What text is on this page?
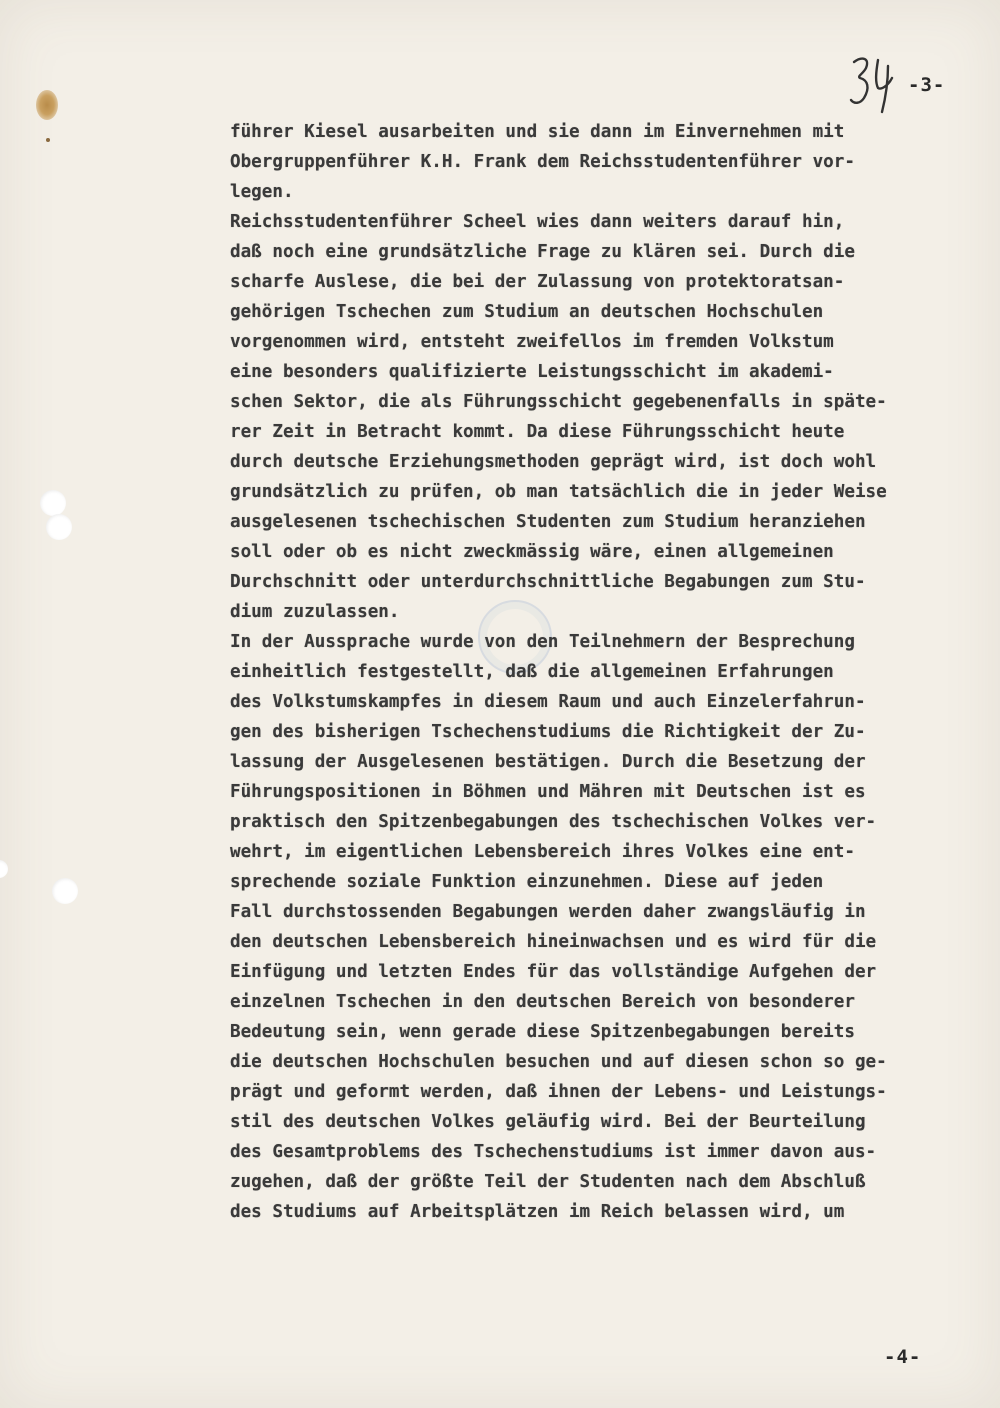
-3-
führer Kiesel ausarbeiten und sie dann im Einvernehmen mit
Obergruppenführer K.H. Frank dem Reichsstudentenführer vor-
legen.
Reichsstudentenführer Scheel wies dann weiters darauf hin,
daß noch eine grundsätzliche Frage zu klären sei. Durch die
scharfe Auslese, die bei der Zulassung von protektoratsan-
gehörigen Tschechen zum Studium an deutschen Hochschulen
vorgenommen wird, entsteht zweifellos im fremden Volkstum
eine besonders qualifizierte Leistungsschicht im akademi-
schen Sektor, die als Führungsschicht gegebenenfalls in späte-
rer Zeit in Betracht kommt. Da diese Führungsschicht heute
durch deutsche Erziehungsmethoden geprägt wird, ist doch wohl
grundsätzlich zu prüfen, ob man tatsächlich die in jeder Weise
ausgelesenen tschechischen Studenten zum Studium heranziehen
soll oder ob es nicht zweckmässig wäre, einen allgemeinen
Durchschnitt oder unterdurchschnittliche Begabungen zum Stu-
dium zuzulassen.
In der Aussprache wurde von den Teilnehmern der Besprechung
einheitlich festgestellt, daß die allgemeinen Erfahrungen
des Volkstumskampfes in diesem Raum und auch Einzelerfahrun-
gen des bisherigen Tschechenstudiums die Richtigkeit der Zu-
lassung der Ausgelesenen bestätigen. Durch die Besetzung der
Führungspositionen in Böhmen und Mähren mit Deutschen ist es
praktisch den Spitzenbegabungen des tschechischen Volkes ver-
wehrt, im eigentlichen Lebensbereich ihres Volkes eine ent-
sprechende soziale Funktion einzunehmen. Diese auf jeden
Fall durchstossenden Begabungen werden daher zwangsläufig in
den deutschen Lebensbereich hineinwachsen und es wird für die
Einfügung und letzten Endes für das vollständige Aufgehen der
einzelnen Tschechen in den deutschen Bereich von besonderer
Bedeutung sein, wenn gerade diese Spitzenbegabungen bereits
die deutschen Hochschulen besuchen und auf diesen schon so ge-
prägt und geformt werden, daß ihnen der Lebens- und Leistungs-
stil des deutschen Volkes geläufig wird. Bei der Beurteilung
des Gesamtproblems des Tschechenstudiums ist immer davon aus-
zugehen, daß der größte Teil der Studenten nach dem Abschluß
des Studiums auf Arbeitsplätzen im Reich belassen wird, um
-4-
